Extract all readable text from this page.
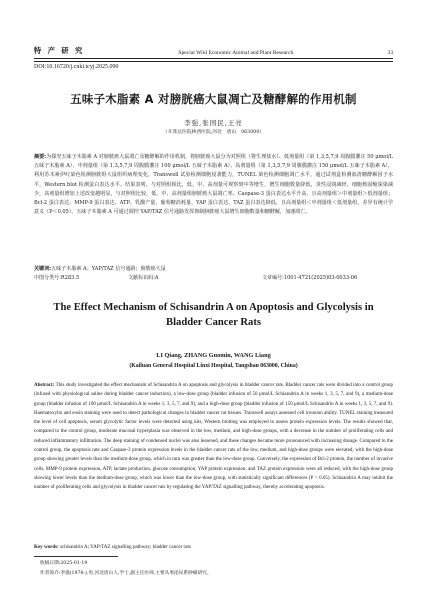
特 产 研 究	Special Wild Economic Animal and Plant Research	33
DOI:10.16720/j.cnki.tcyj.2025.090
五味子木脂素 A 对膀胱癌大鼠凋亡及糖酵解的作用机制
李强,张国民,王亮
（开滦总医院林西医院,河北　唐山　063000）
摘要:为探究五味子木脂素 A 对膀胱癌大鼠凋亡及糖酵解的作用机制，将膀胱癌大鼠分为对照组（将生理盐水）、低剂量组（第 1,3,5,7,9 周腹膜灌注 50 μmol/L 五味子木脂素 A）、中剂量组（第 1,3,5,7,9 周腹膜灌注 100 μmol/L 五味子木脂素 A）、高剂量组（第 1,3,5,7,9 周腹膜灌注 150 μmol/L 五味子木脂素 A），利用苏木素伊红染色检测膀胱组大鼠组织病理变化，Transwell 试验检测细胞侵袭能力，TUNEL 染色检测细胞凋亡水平，通过试剂盒检测血清糖酵解因子水平，Western blot 检测蛋白表达水平。结果表明，与对照组相比，低、中、高剂量可观察到中等增生，增生细胞数量降低，炎性浸润减轻，细胞核固缩深染减少，高剂量组增加上述改变越明显，与对照组比较，低、中、高剂量组膀胱癌大鼠凋亡率、Caspase-3 蛋白表达水平升高，且高剂量组＞中剂量组＞低剂量组；Bcl-2 蛋白表达、MMP-9 蛋白表达、ATP、乳酸产量、葡萄糖消耗量、YAP 蛋白表达、TAZ 蛋白表达降低，且高剂量组＜中剂量组＜低剂量组，差异有统计学意义（P＜0.05）。五味子木脂素 A 可通过调控 YAP/TAZ 信号通路发挥抑制膀胱癌大鼠增生细胞数量和糖酵解，加速凋亡。
关键词:五味子木脂素 A；YAP/TAZ 信号通路；膀胱癌大鼠
中图分类号:R283.5	文献标识码:A	文章编号:1001-4721(2025)03-0033-06
The Effect Mechanism of Schisandrin A on Apoptosis and Glycolysis in
Bladder Cancer Rats
LI Qiang, ZHANG Guomin, WANG Liang
(Kailuan General Hospital Linxi Hospital, Tangshan 063000, China)
Abstract: This study investigated the effect mechanism of Schisandrin A on apoptosis and glycolysis in bladder cancer rats. Bladder cancer rats were divided into a control group (infused with physiological saline during bladder cancer induction), a low-dose group (bladder infusion of 50 μmol/L Schisandrin A in weeks 1, 3, 5, 7, and 9), a medium-dose group (bladder infusion of 100 μmol/L Schisandrin A in weeks 1, 3, 5, 7, and 9), and a high-dose group (bladder infusion of 150 μmol/L Schisandrin A in weeks 1, 3, 5, 7, and 9). Haematoxylin and eosin staining were used to detect pathological changes in bladder cancer rat tissues. Transwell assays assessed cell invasion ability. TUNEL staining measured the level of cell apoptosis, serum glycolytic factor levels were detected using kits, Western blotting was employed to assess protein expression levels. The results showed that, compared to the control group, moderate mucosal hyperplasia was observed in the low, medium, and high-dose groups, with a decrease in the number of proliferating cells and reduced inflammatory infiltration. The deep staining of condensed nuclei was also lessened, and these changes became more pronounced with increasing dosage. Compared to the control group, the apoptosis rate and Caspase-3 protein expression levels in the bladder cancer rats of the low, medium, and high-dose groups were elevated, with the high-dose group showing greater levels than the medium-dose group, which in turn was greater than the low-dose group. Conversely, the expression of Bcl-2 protein, the number of invasive cells, MMP-9 protein expression, ATP, lactate production, glucose consumption, YAP protein expression, and TAZ protein expression were all reduced, with the high-dose group showing lower levels than the medium-dose group, which was lower than the low-dose group, with statistically significant differences (P < 0.05). Schisandrin A may inhibit the number of proliferating cells and glycolysis in bladder cancer rats by regulating the YAP/TAZ signalling pathway, thereby accelerating apoptosis.
Key words: schisandrin A; YAP/TAZ signalling pathway; bladder cancer rats
收稿日期:2025-01-19
作者简介:李强(1976-),男,河北唐山人,学士,副主任医师,主要从事泌尿系肿瘤研究。
